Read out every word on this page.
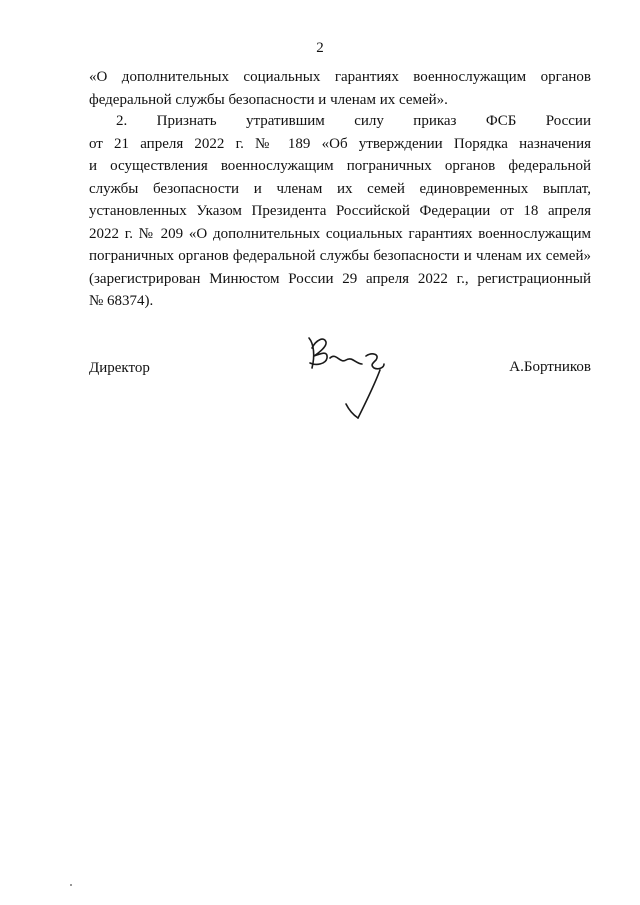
2
«О дополнительных социальных гарантиях военнослужащим органов
федеральной службы безопасности и членам их семей».
2. Признать утратившим силу приказ ФСБ России
от 21 апреля 2022 г. № 189 «Об утверждении Порядка назначения
и осуществления военнослужащим пограничных органов федеральной
службы безопасности и членам их семей единовременных выплат,
установленных Указом Президента Российской Федерации от 18 апреля
2022 г. № 209 «О дополнительных социальных гарантиях военнослужащим
пограничных органов федеральной службы безопасности и членам их семей»
(зарегистрирован Минюстом России 29 апреля 2022 г., регистрационный
№ 68374).
Директор	А.Бортников
